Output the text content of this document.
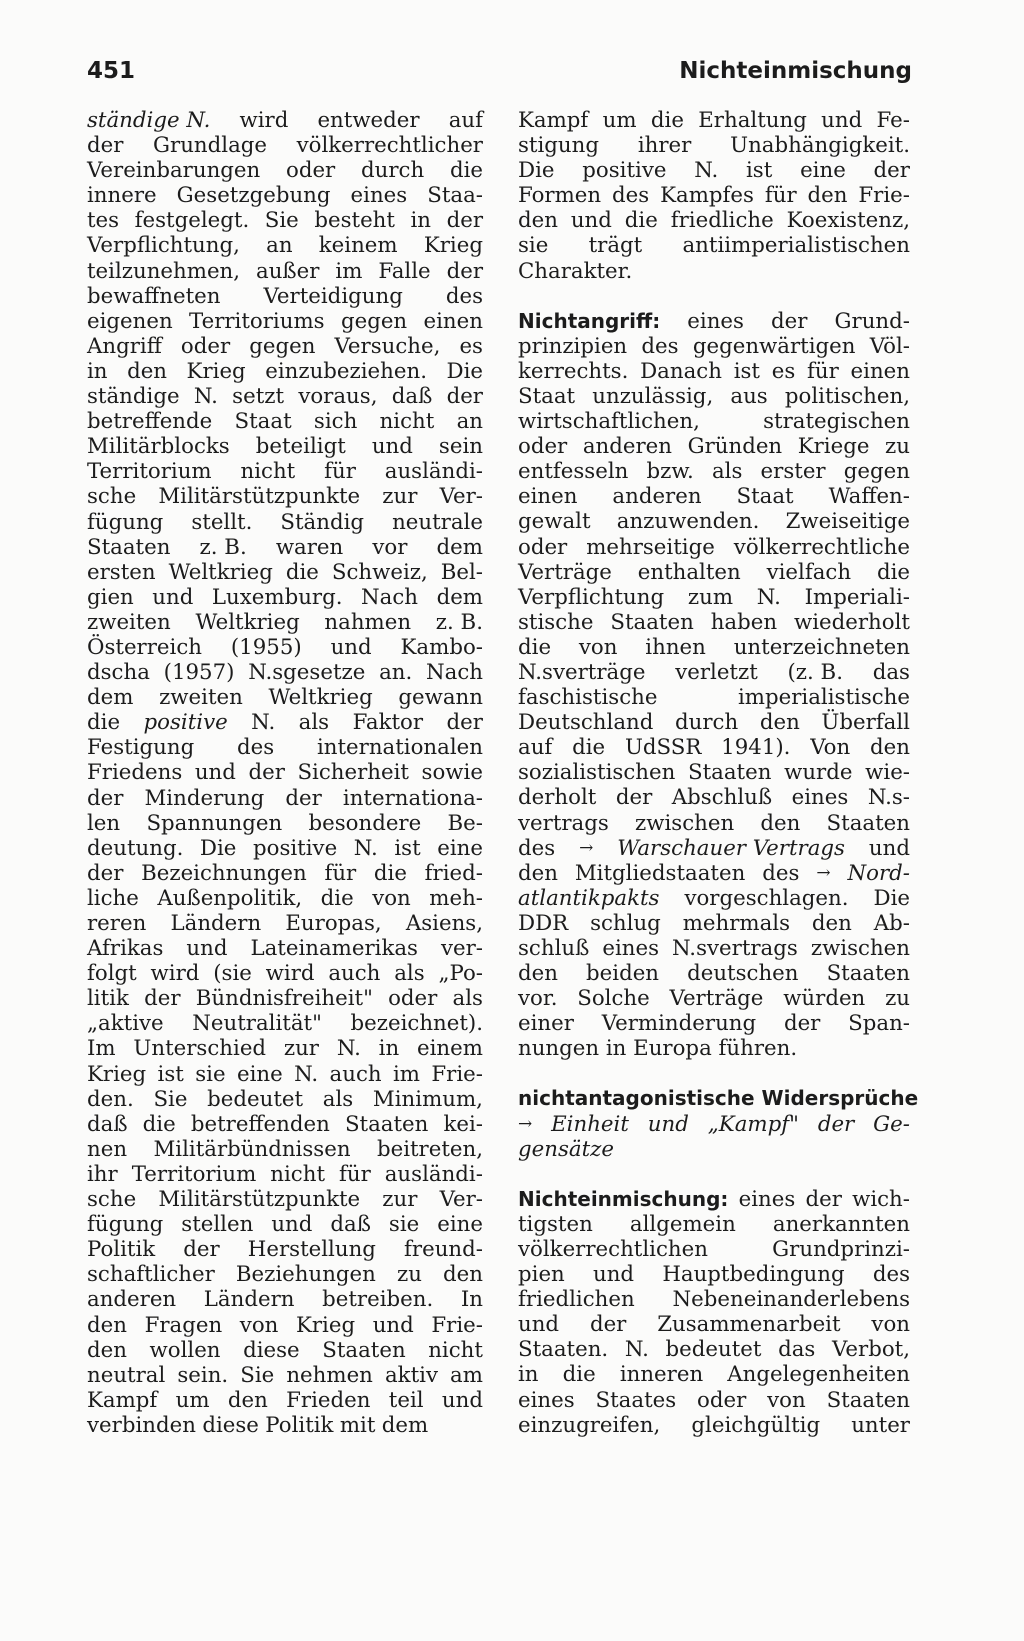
451	Nichteinmischung
ständige N. wird entweder auf
der Grundlage völkerrechtlicher
Vereinbarungen oder durch die
innere Gesetzgebung eines Staa-
tes festgelegt. Sie besteht in der
Verpflichtung, an keinem Krieg
teilzunehmen, außer im Falle der
bewaffneten Verteidigung des
eigenen Territoriums gegen einen
Angriff oder gegen Versuche, es
in den Krieg einzubeziehen. Die
ständige N. setzt voraus, daß der
betreffende Staat sich nicht an
Militärblocks beteiligt und sein
Territorium nicht für ausländi-
sche Militärstützpunkte zur Ver-
fügung stellt. Ständig neutrale
Staaten z. B. waren vor dem
ersten Weltkrieg die Schweiz, Bel-
gien und Luxemburg. Nach dem
zweiten Weltkrieg nahmen z. B.
Österreich (1955) und Kambo-
dscha (1957) N.sgesetze an. Nach
dem zweiten Weltkrieg gewann
die positive N. als Faktor der
Festigung des internationalen
Friedens und der Sicherheit sowie
der Minderung der internationa-
len Spannungen besondere Be-
deutung. Die positive N. ist eine
der Bezeichnungen für die fried-
liche Außenpolitik, die von meh-
reren Ländern Europas, Asiens,
Afrikas und Lateinamerikas ver-
folgt wird (sie wird auch als „Po-
litik der Bündnisfreiheit" oder als
„aktive Neutralität" bezeichnet).
Im Unterschied zur N. in einem
Krieg ist sie eine N. auch im Frie-
den. Sie bedeutet als Minimum,
daß die betreffenden Staaten kei-
nen Militärbündnissen beitreten,
ihr Territorium nicht für ausländi-
sche Militärstützpunkte zur Ver-
fügung stellen und daß sie eine
Politik der Herstellung freund-
schaftlicher Beziehungen zu den
anderen Ländern betreiben. In
den Fragen von Krieg und Frie-
den wollen diese Staaten nicht
neutral sein. Sie nehmen aktiv am
Kampf um den Frieden teil und
verbinden diese Politik mit dem
Kampf um die Erhaltung und Fe-
stigung ihrer Unabhängigkeit.
Die positive N. ist eine der
Formen des Kampfes für den Frie-
den und die friedliche Koexistenz,
sie trägt antiimperialistischen
Charakter.
Nichtangriff: eines der Grund-
prinzipien des gegenwärtigen Völ-
kerrechts. Danach ist es für einen
Staat unzulässig, aus politischen,
wirtschaftlichen,	strategischen
oder anderen Gründen Kriege zu
entfesseln bzw. als erster gegen
einen anderen Staat Waffen-
gewalt anzuwenden. Zweiseitige
oder mehrseitige völkerrechtliche
Verträge enthalten vielfach die
Verpflichtung zum N. Imperiali-
stische Staaten haben wiederholt
die von ihnen unterzeichneten
N.sverträge verletzt (z. B. das
faschistische	imperialistische
Deutschland durch den Überfall
auf die UdSSR 1941). Von den
sozialistischen Staaten wurde wie-
derholt der Abschluß eines N.s-
vertrags zwischen den Staaten
des → Warschauer Vertrags und
den Mitgliedstaaten des → Nord-
atlantikpakts vorgeschlagen. Die
DDR schlug mehrmals den Ab-
schluß eines N.svertrags zwischen
den beiden deutschen Staaten
vor. Solche Verträge würden zu
einer Verminderung der Span-
nungen in Europa führen.
nichtantagonistische Widersprüche
→ Einheit und „Kampf" der Ge-
gensätze
Nichteinmischung: eines der wich-
tigsten allgemein anerkannten
völkerrechtlichen	Grundprinzi-
pien und Hauptbedingung des
friedlichen Nebeneinanderlebens
und der Zusammenarbeit von
Staaten. N. bedeutet das Verbot,
in die inneren Angelegenheiten
eines Staates oder von Staaten
einzugreifen, gleichgültig unter
